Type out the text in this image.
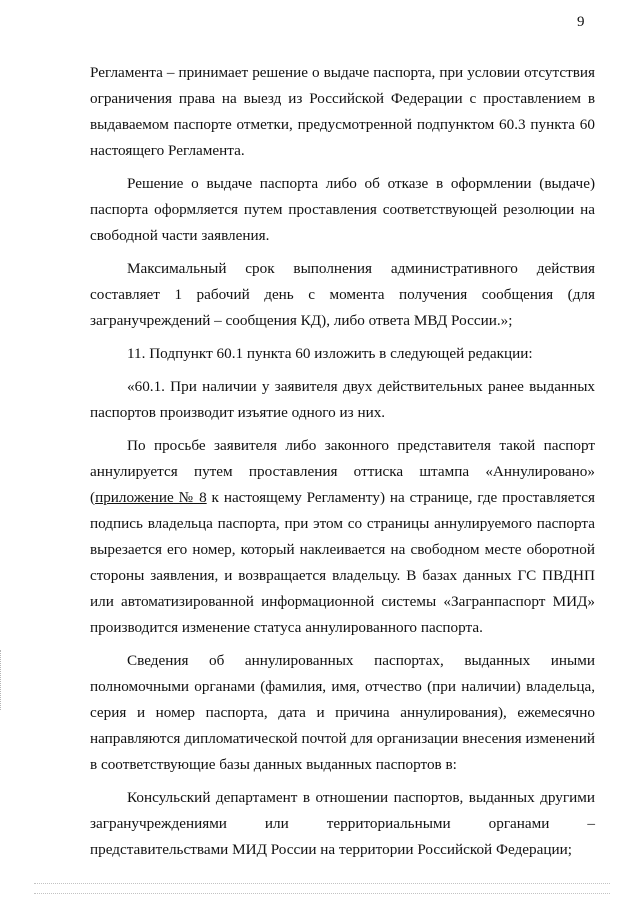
9

Регламента – принимает решение о выдаче паспорта, при условии отсутствия ограничения права на выезд из Российской Федерации с проставлением в выдаваемом паспорте отметки, предусмотренной подпунктом 60.3 пункта 60 настоящего Регламента.

Решение о выдаче паспорта либо об отказе в оформлении (выдаче) паспорта оформляется путем проставления соответствующей резолюции на свободной части заявления.

Максимальный срок выполнения административного действия составляет 1 рабочий день с момента получения сообщения (для загранучреждений – сообщения КД), либо ответа МВД России.»;

11. Подпункт 60.1 пункта 60 изложить в следующей редакции:

«60.1. При наличии у заявителя двух действительных ранее выданных паспортов производит изъятие одного из них.

По просьбе заявителя либо законного представителя такой паспорт аннулируется путем проставления оттиска штампа «Аннулировано» (приложение № 8 к настоящему Регламенту) на странице, где проставляется подпись владельца паспорта, при этом со страницы аннулируемого паспорта вырезается его номер, который наклеивается на свободном месте оборотной стороны заявления, и возвращается владельцу. В базах данных ГС ПВДНП или автоматизированной информационной системы «Загранпаспорт МИД» производится изменение статуса аннулированного паспорта.

Сведения об аннулированных паспортах, выданных иными полномочными органами (фамилия, имя, отчество (при наличии) владельца, серия и номер паспорта, дата и причина аннулирования), ежемесячно направляются дипломатической почтой для организации внесения изменений в соответствующие базы данных выданных паспортов в:

Консульский департамент в отношении паспортов, выданных другими загранучреждениями или территориальными органами – представительствами МИД России на территории Российской Федерации;
